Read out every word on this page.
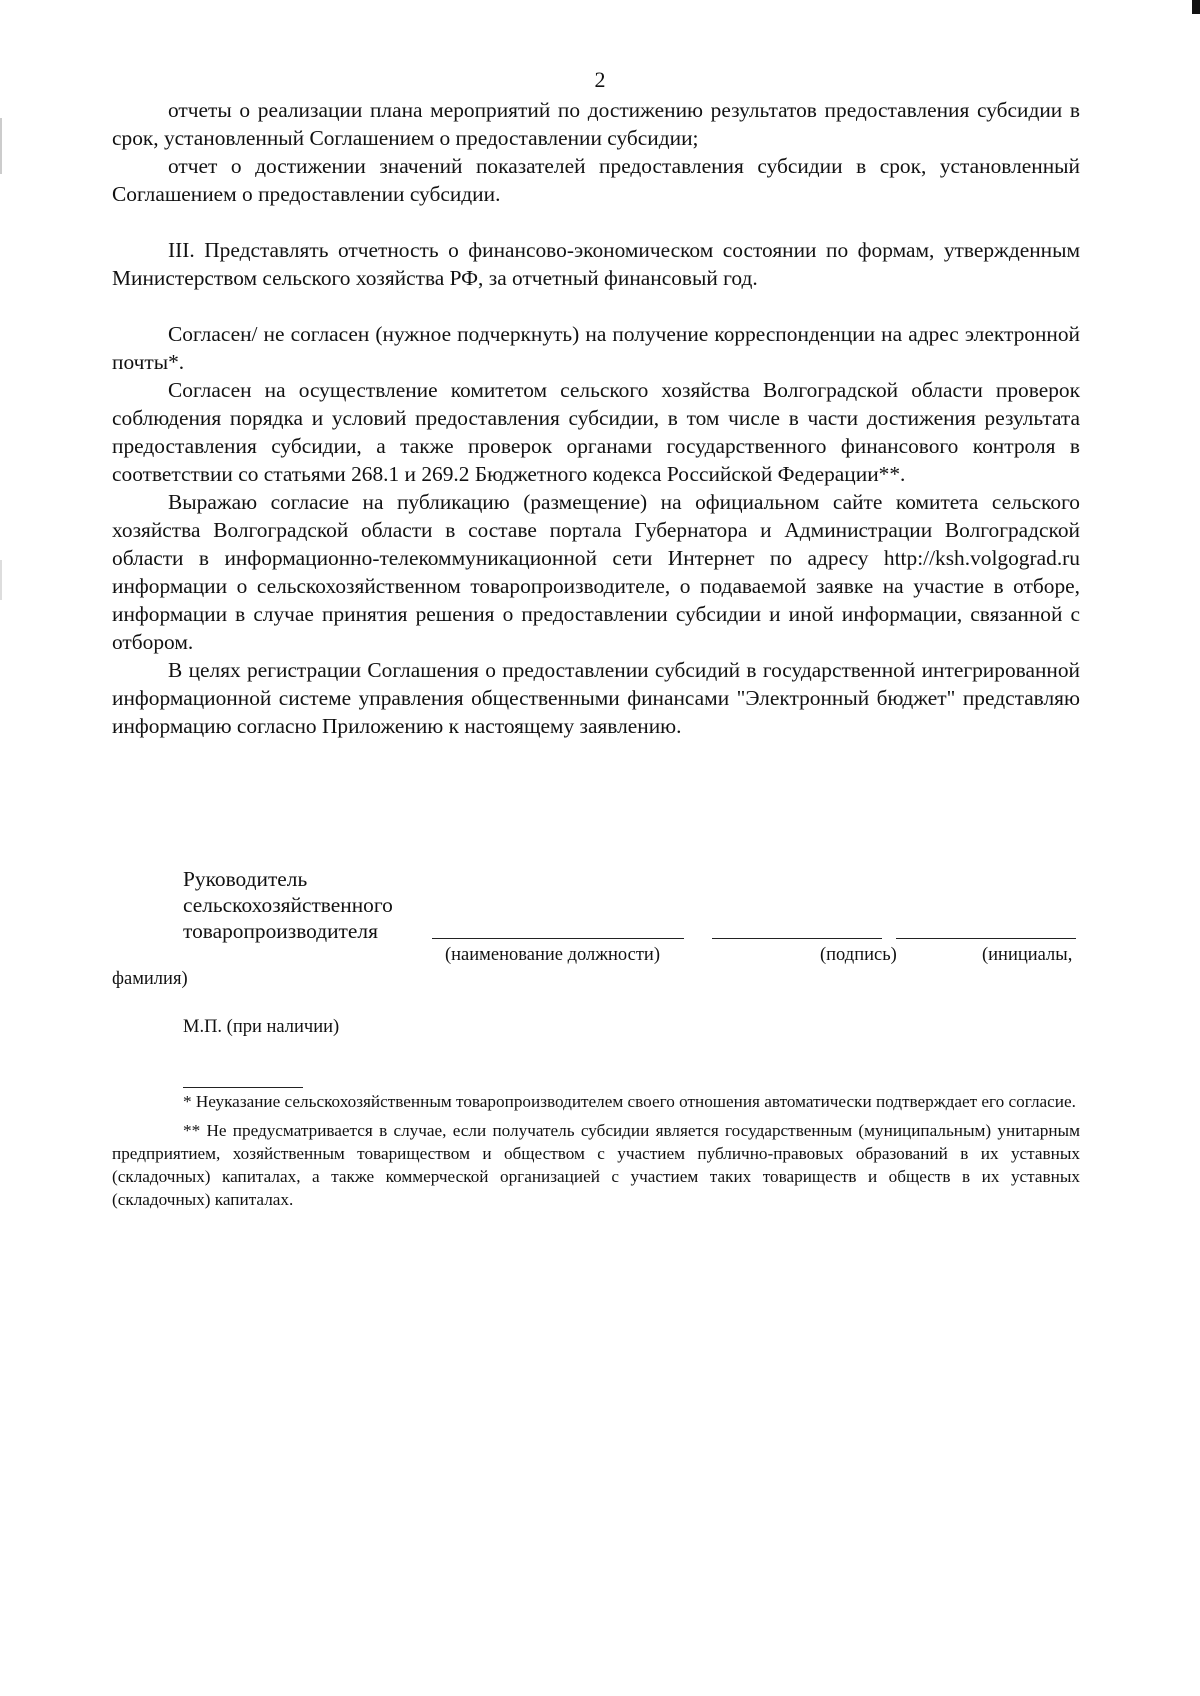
2

отчеты о реализации плана мероприятий по достижению результатов предоставления субсидии в срок, установленный Соглашением о предоставлении субсидии;

отчет о достижении значений показателей предоставления субсидии в срок, установленный Соглашением о предоставлении субсидии.

III. Представлять отчетность о финансово-экономическом состоянии по формам, утвержденным Министерством сельского хозяйства РФ, за отчетный финансовый год.

Согласен/ не согласен (нужное подчеркнуть) на получение корреспонденции на адрес электронной почты*.

Согласен на осуществление комитетом сельского хозяйства Волгоградской области проверок соблюдения порядка и условий предоставления субсидии, в том числе в части достижения результата предоставления субсидии, а также проверок органами государственного финансового контроля в соответствии со статьями 268.1 и 269.2 Бюджетного кодекса Российской Федерации**.

Выражаю согласие на публикацию (размещение) на официальном сайте комитета сельского хозяйства Волгоградской области в составе портала Губернатора и Администрации Волгоградской области в информационно-телекоммуникационной сети Интернет по адресу http://ksh.volgograd.ru информации о сельскохозяйственном товаропроизводителе, о подаваемой заявке на участие в отборе, информации в случае принятия решения о предоставлении субсидии и иной информации, связанной с отбором.

В целях регистрации Соглашения о предоставлении субсидий в государственной интегрированной информационной системе управления общественными финансами "Электронный бюджет" представляю информацию согласно Приложению к настоящему заявлению.

Руководитель
сельскохозяйственного
товаропроизводителя
(наименование должности)	(подпись)	(инициалы,
фамилия)
М.П. (при наличии)

* Неуказание сельскохозяйственным товаропроизводителем своего отношения автоматически подтверждает его согласие.

** Не предусматривается в случае, если получатель субсидии является государственным (муниципальным) унитарным предприятием, хозяйственным товариществом и обществом с участием публично-правовых образований в их уставных (складочных) капиталах, а также коммерческой организацией с участием таких товариществ и обществ в их уставных (складочных) капиталах.
